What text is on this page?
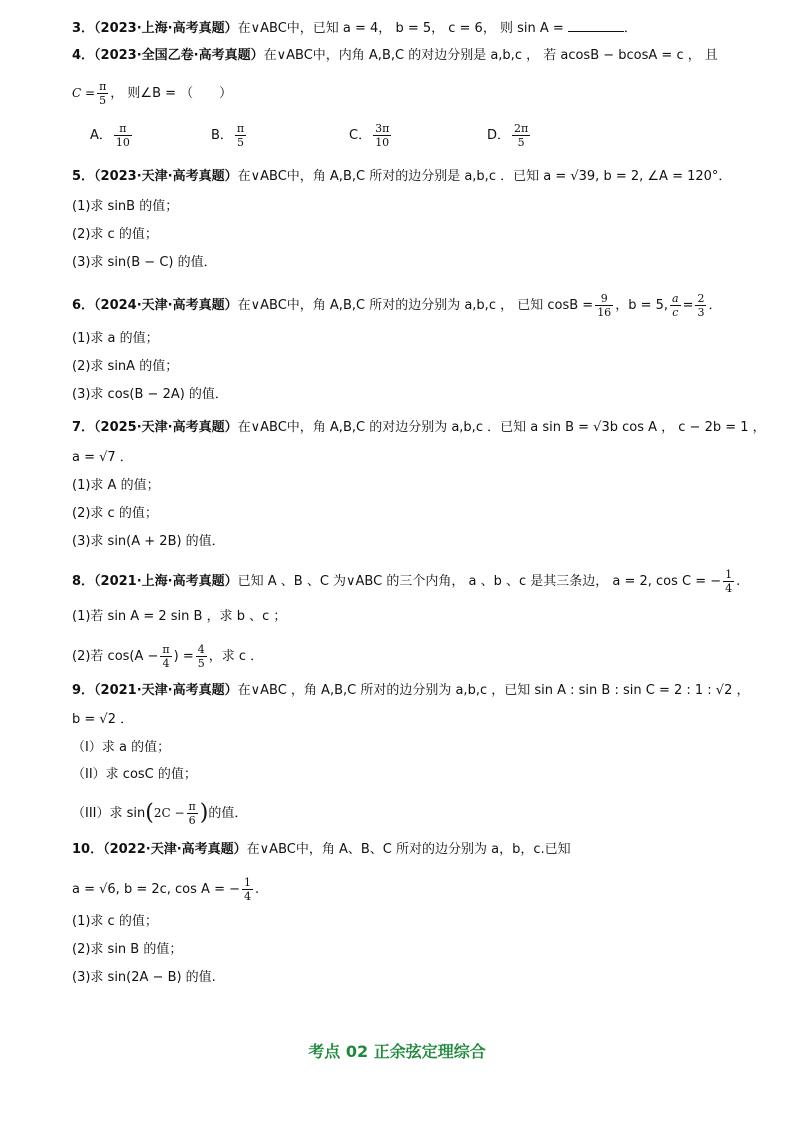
3．（2023·上海·高考真题）在∨ABC中，已知 a = 4， b = 5， c = 6， 则 sin A =	．
4．（2023·全国乙卷·高考真题）在∨ABC中，内角 A,B,C 的对边分别是 a,b,c ， 若 acosB − bcosA = c ， 且
$C = \frac{\pi}{5}$ ， 则∠B = （　　）
A． $\frac{\pi}{10}$	B． $\frac{\pi}{5}$	C． $\frac{3\pi}{10}$	D． $\frac{2\pi}{5}$
5．（2023·天津·高考真题）在∨ABC中，角 A,B,C 所对的边分别是 a,b,c ．已知 a = √39, b = 2, ∠A = 120°．
(1)求 sinB 的值；
(2)求 c 的值；
(3)求 sin(B − C) 的值．
6．（2024·天津·高考真题）在∨ABC中，角 A,B,C 所对的边分别为 a,b,c ， 已知 $\cos B = \frac{9}{16}$ ，b = 5, $\frac{a}{c} = \frac{2}{3}$ ．
(1)求 a 的值；
(2)求 sinA 的值；
(3)求 cos(B − 2A) 的值．
7．（2025·天津·高考真题）在∨ABC中，角 A,B,C 的对边分别为 a,b,c ．已知 a sin B = √3b cos A ， c − 2b = 1 ，
a = √7 ．
(1)求 A 的值；
(2)求 c 的值；
(3)求 sin(A + 2B) 的值．
8．（2021·上海·高考真题）已知 A 、B 、C 为∨ABC 的三个内角， a 、b 、c 是其三条边， a = 2, cos C = − $\frac{1}{4}$ .
(1)若 sin A = 2 sin B ，求 b 、c ；
(2)若 $\cos(A - \frac{\pi}{4}$ ) = $\frac{4}{5}$ ，求 c ．
9．（2021·天津·高考真题）在∨ABC ，角 A,B,C 所对的边分别为 a,b,c ，已知 sin A : sin B : sin C = 2 : 1 : √2 ，
b = √2 ．
（I）求 a 的值；
（II）求 cosC 的值；
（III）求 $\sin(2C - \frac{\pi}{6}$ )的值．
10．（2022·天津·高考真题）在∨ABC中，角 A、B、C 所对的边分别为 a，b，c.已知
a = √6, b = 2c, cos A = − $\frac{1}{4}$ .
(1)求 c 的值；
(2)求 sin B 的值；
(3)求 sin(2A − B) 的值.
考点 02 正余弦定理综合
